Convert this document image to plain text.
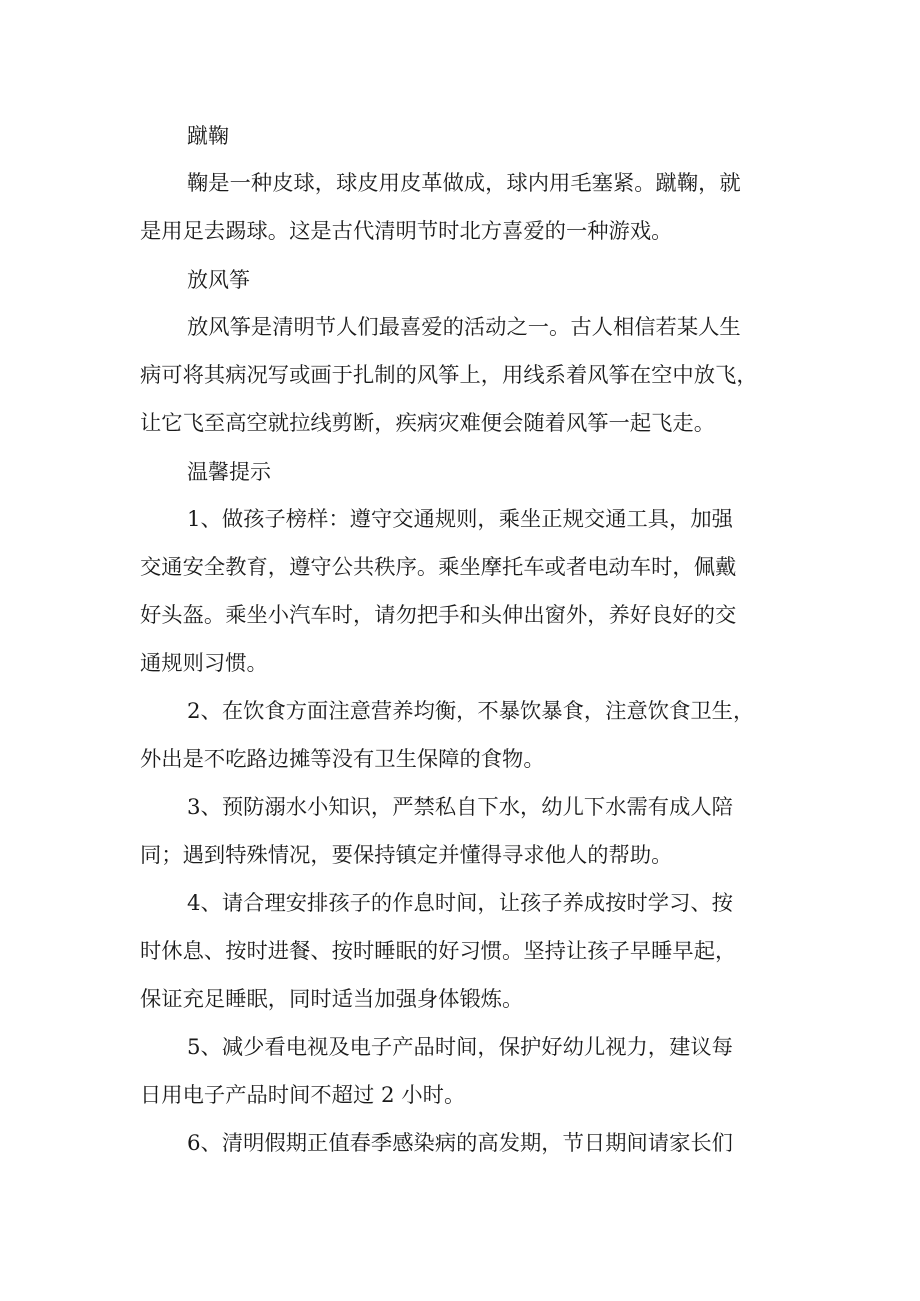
蹴鞠

鞠是一种皮球，球皮用皮革做成，球内用毛塞紧。蹴鞠，就
是用足去踢球。这是古代清明节时北方喜爱的一种游戏。

放风筝

放风筝是清明节人们最喜爱的活动之一。古人相信若某人生
病可将其病况写或画于扎制的风筝上，用线系着风筝在空中放飞，
让它飞至高空就拉线剪断，疾病灾难便会随着风筝一起飞走。

温馨提示

1、做孩子榜样：遵守交通规则，乘坐正规交通工具，加强
交通安全教育，遵守公共秩序。乘坐摩托车或者电动车时，佩戴
好头盔。乘坐小汽车时，请勿把手和头伸出窗外，养好良好的交
通规则习惯。
2、在饮食方面注意营养均衡，不暴饮暴食，注意饮食卫生，
外出是不吃路边摊等没有卫生保障的食物。
3、预防溺水小知识，严禁私自下水，幼儿下水需有成人陪
同；遇到特殊情况，要保持镇定并懂得寻求他人的帮助。
4、请合理安排孩子的作息时间，让孩子养成按时学习、按
时休息、按时进餐、按时睡眠的好习惯。坚持让孩子早睡早起，
保证充足睡眠，同时适当加强身体锻炼。
5、减少看电视及电子产品时间，保护好幼儿视力，建议每
日用电子产品时间不超过 2 小时。
6、清明假期正值春季感染病的高发期，节日期间请家长们
